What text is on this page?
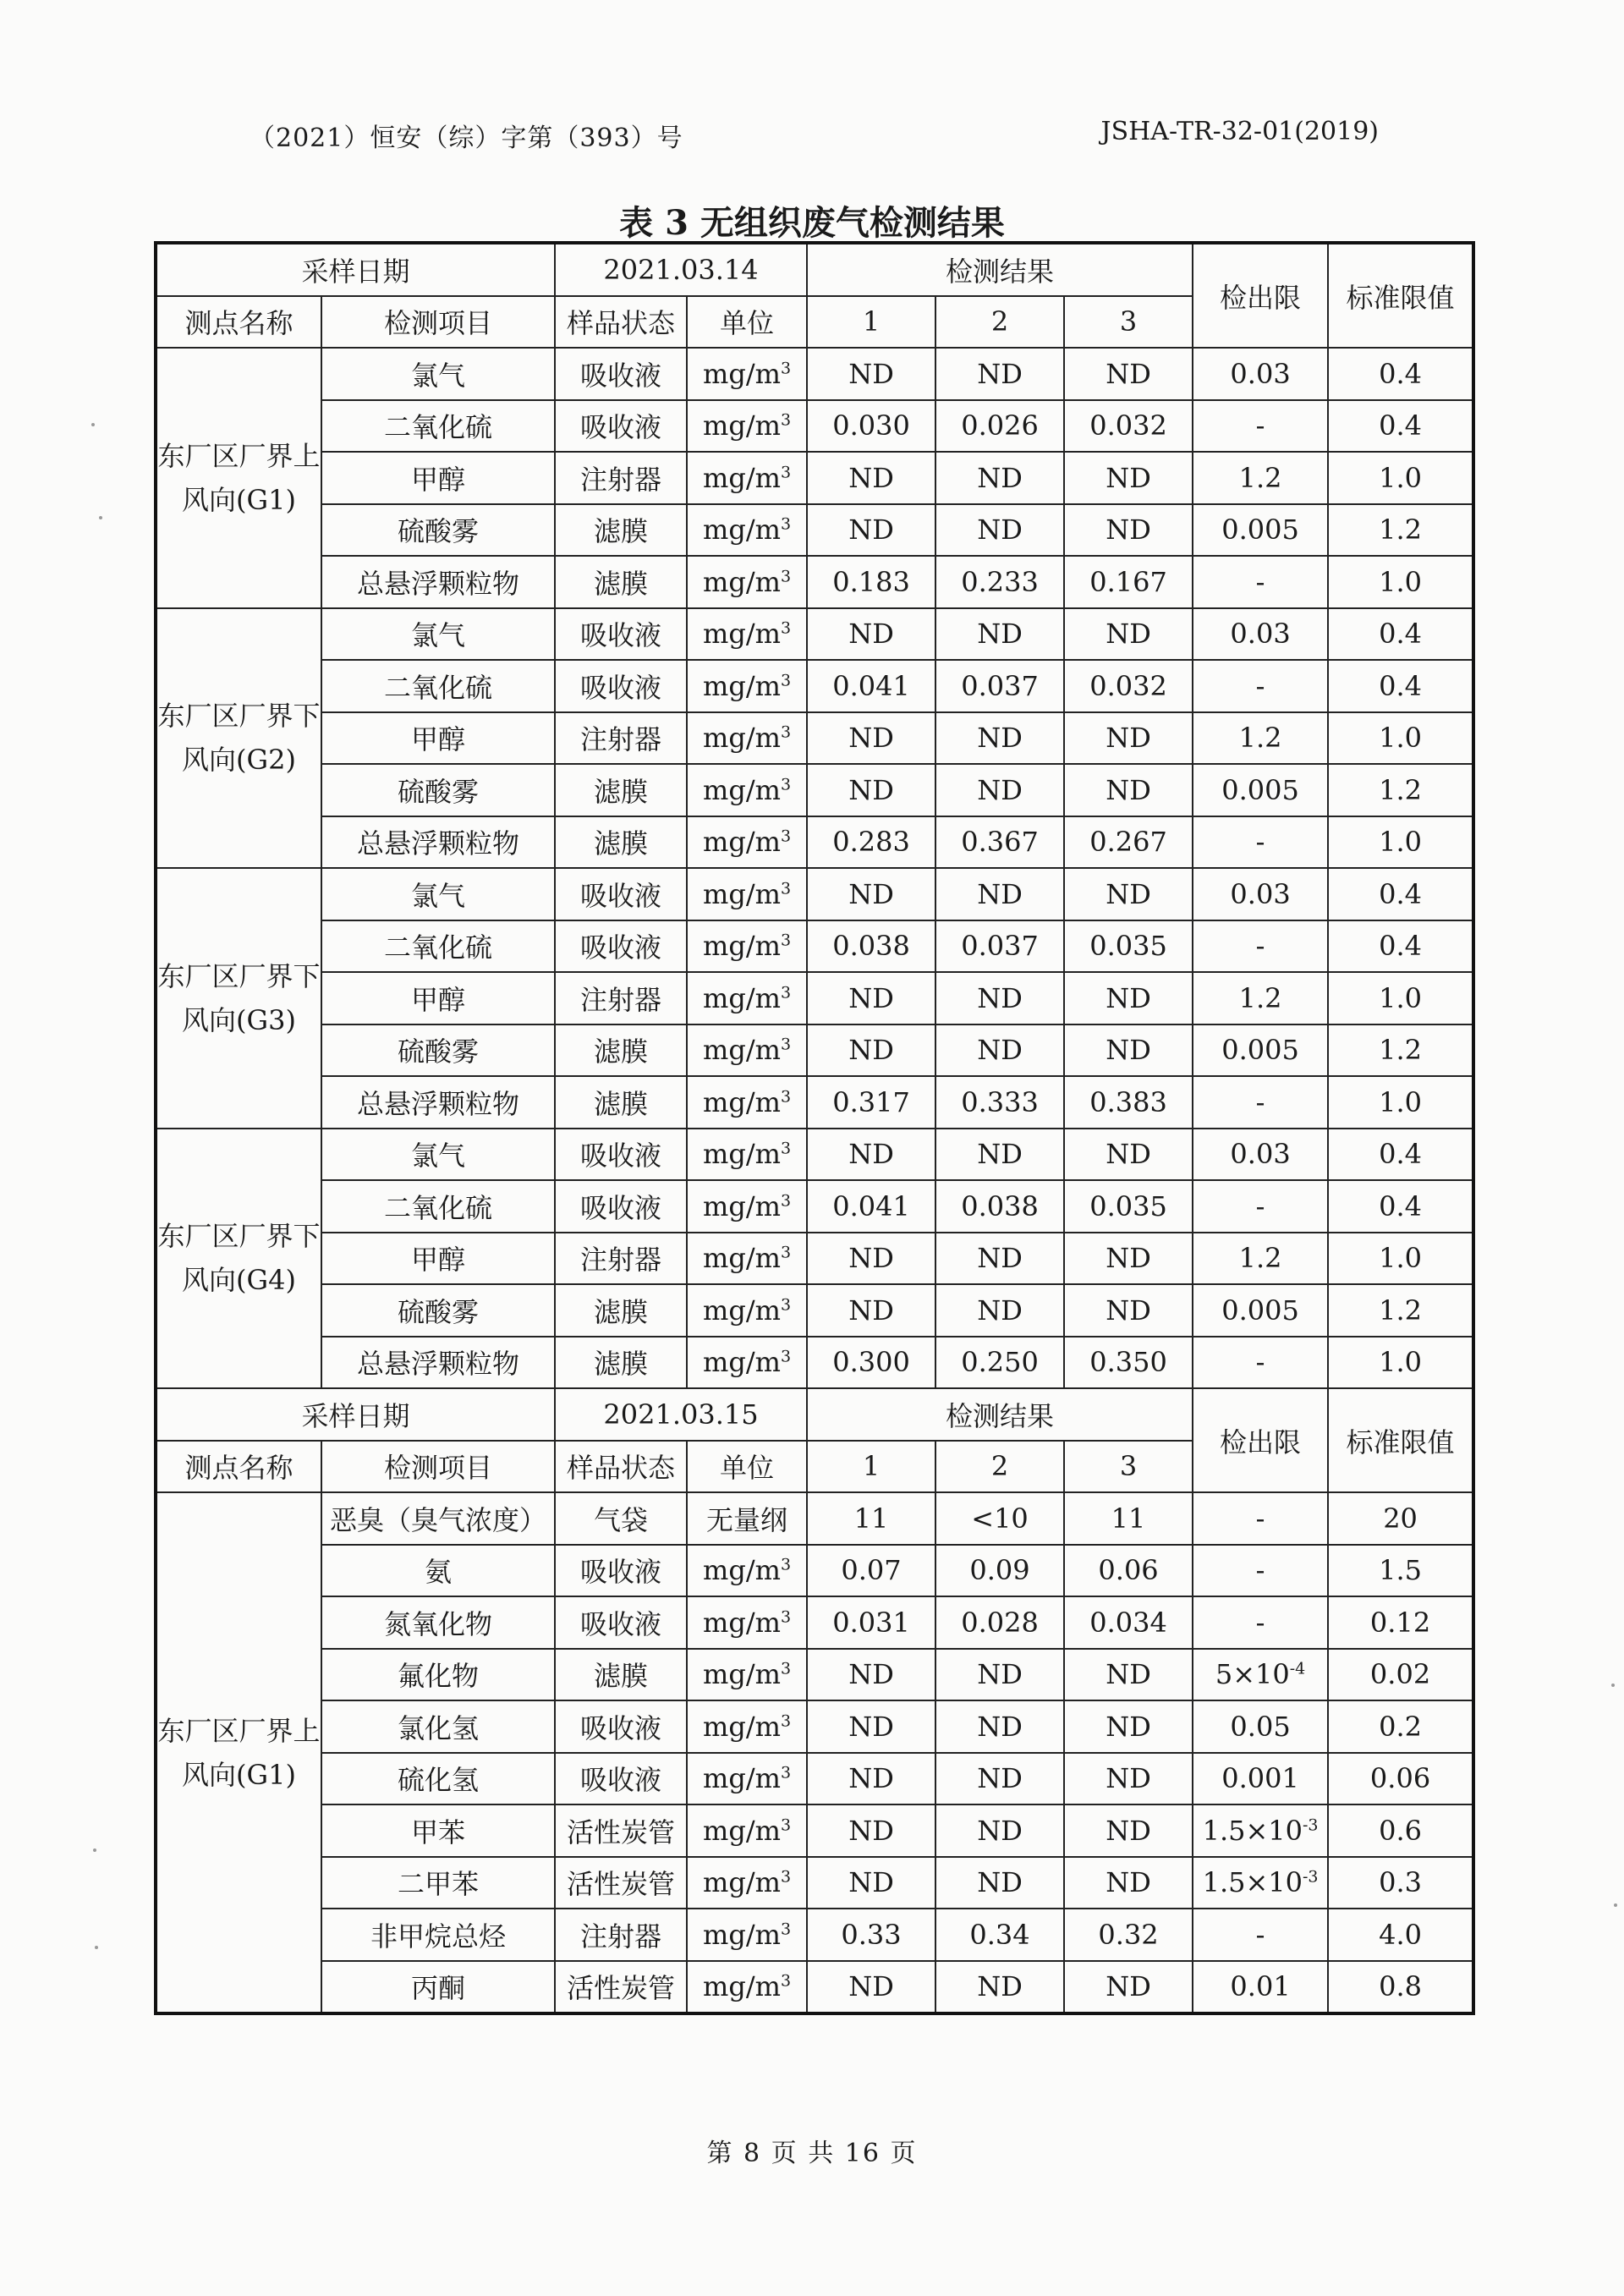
（2021）恒安（综）字第（393）号	JSHA-TR-32-01(2019)
表 3 无组织废气检测结果
采样日期		2021.03.14		检测结果			检出限	标准限值
测点名称	检测项目	样品状态	单位	1	2	3		
东厂区厂界上风向(G1)	氯气	吸收液	$mg/m^3$	ND	ND	ND	0.03	0.4
	二氧化硫	吸收液	$mg/m^3$	0.030	0.026	0.032	-	0.4
	甲醇	注射器	$mg/m^3$	ND	ND	ND	1.2	1.0
	硫酸雾	滤膜	$mg/m^3$	ND	ND	ND	0.005	1.2
	总悬浮颗粒物	滤膜	$mg/m^3$	0.183	0.233	0.167	-	1.0
东厂区厂界下风向(G2)	氯气	吸收液	$mg/m^3$	ND	ND	ND	0.03	0.4
	二氧化硫	吸收液	$mg/m^3$	0.041	0.037	0.032	-	0.4
	甲醇	注射器	$mg/m^3$	ND	ND	ND	1.2	1.0
	硫酸雾	滤膜	$mg/m^3$	ND	ND	ND	0.005	1.2
	总悬浮颗粒物	滤膜	$mg/m^3$	0.283	0.367	0.267	-	1.0
东厂区厂界下风向(G3)	氯气	吸收液	$mg/m^3$	ND	ND	ND	0.03	0.4
	二氧化硫	吸收液	$mg/m^3$	0.038	0.037	0.035	-	0.4
	甲醇	注射器	$mg/m^3$	ND	ND	ND	1.2	1.0
	硫酸雾	滤膜	$mg/m^3$	ND	ND	ND	0.005	1.2
	总悬浮颗粒物	滤膜	$mg/m^3$	0.317	0.333	0.383	-	1.0
东厂区厂界下风向(G4)	氯气	吸收液	$mg/m^3$	ND	ND	ND	0.03	0.4
	二氧化硫	吸收液	$mg/m^3$	0.041	0.038	0.035	-	0.4
	甲醇	注射器	$mg/m^3$	ND	ND	ND	1.2	1.0
	硫酸雾	滤膜	$mg/m^3$	ND	ND	ND	0.005	1.2
	总悬浮颗粒物	滤膜	$mg/m^3$	0.300	0.250	0.350	-	1.0
采样日期		2021.03.15		检测结果			检出限	标准限值
测点名称	检测项目	样品状态	单位	1	2	3		
东厂区厂界上风向(G1)	恶臭（臭气浓度）	气袋	无量纲	11	<10	11	-	20
	氨	吸收液	$mg/m^3$	0.07	0.09	0.06	-	1.5
	氮氧化物	吸收液	$mg/m^3$	0.031	0.028	0.034	-	0.12
	氟化物	滤膜	$mg/m^3$	ND	ND	ND	$5\times 10^{-4}$	0.02
	氯化氢	吸收液	$mg/m^3$	ND	ND	ND	0.05	0.2
	硫化氢	吸收液	$mg/m^3$	ND	ND	ND	0.001	0.06
	甲苯	活性炭管	$mg/m^3$	ND	ND	ND	$1.5\times 10^{-3}$	0.6
	二甲苯	活性炭管	$mg/m^3$	ND	ND	ND	$1.5\times 10^{-3}$	0.3
	非甲烷总烃	注射器	$mg/m^3$	0.33	0.34	0.32	-	4.0
	丙酮	活性炭管	$mg/m^3$	ND	ND	ND	0.01	0.8
第 8 页 共 16 页
